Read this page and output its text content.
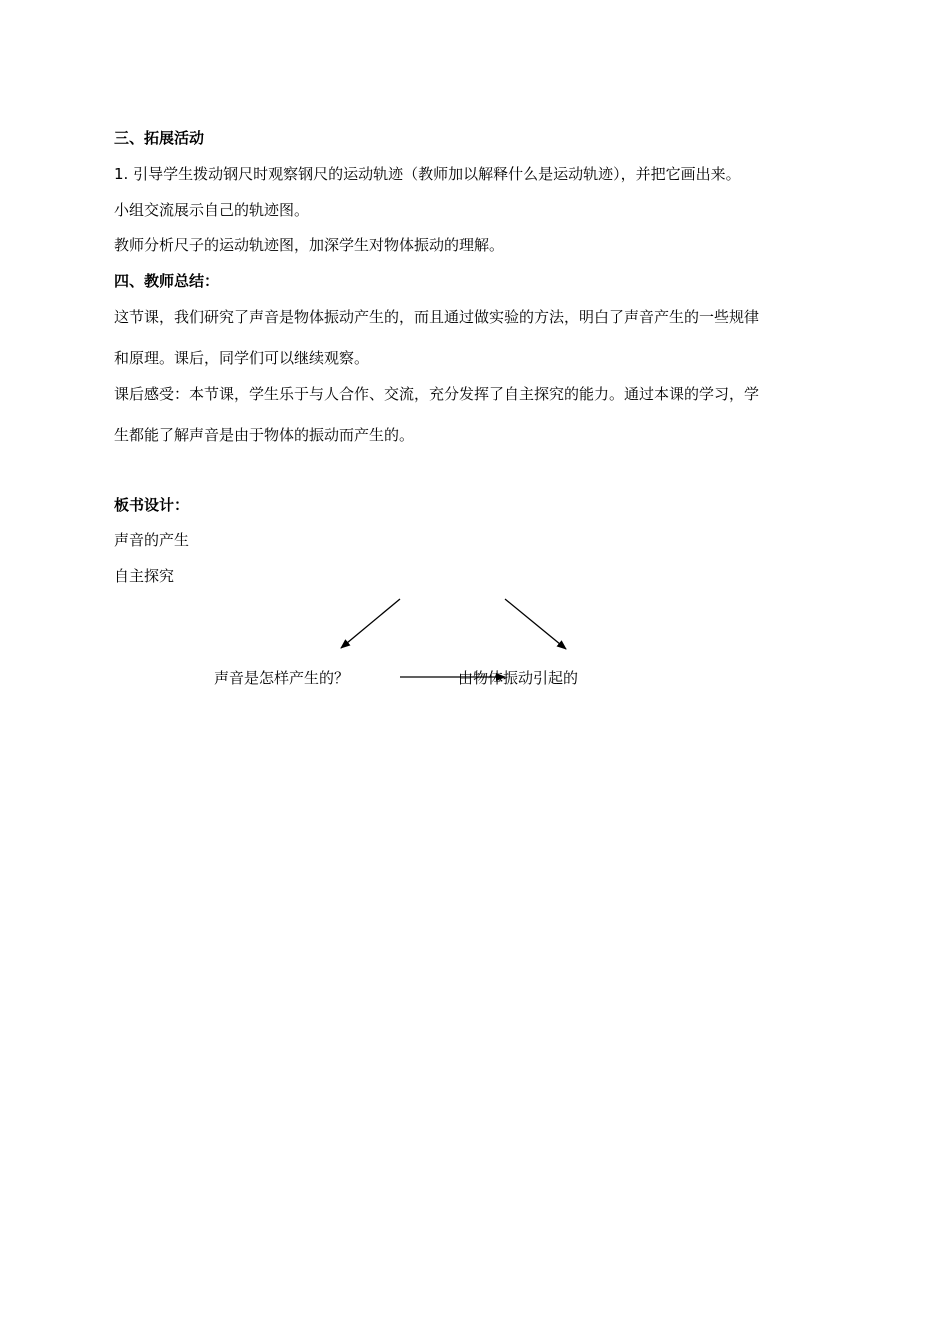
三、拓展活动
1. 引导学生拨动钢尺时观察钢尺的运动轨迹（教师加以解释什么是运动轨迹），并把它画出来。
小组交流展示自己的轨迹图。
教师分析尺子的运动轨迹图，加深学生对物体振动的理解。
四、教师总结：
这节课，我们研究了声音是物体振动产生的，而且通过做实验的方法，明白了声音产生的一些规律
和原理。课后，同学们可以继续观察。
课后感受：本节课，学生乐于与人合作、交流，充分发挥了自主探究的能力。通过本课的学习，学
生都能了解声音是由于物体的振动而产生的。
板书设计：
声音的产生
自主探究
声音是怎样产生的？	由物体振动引起的
